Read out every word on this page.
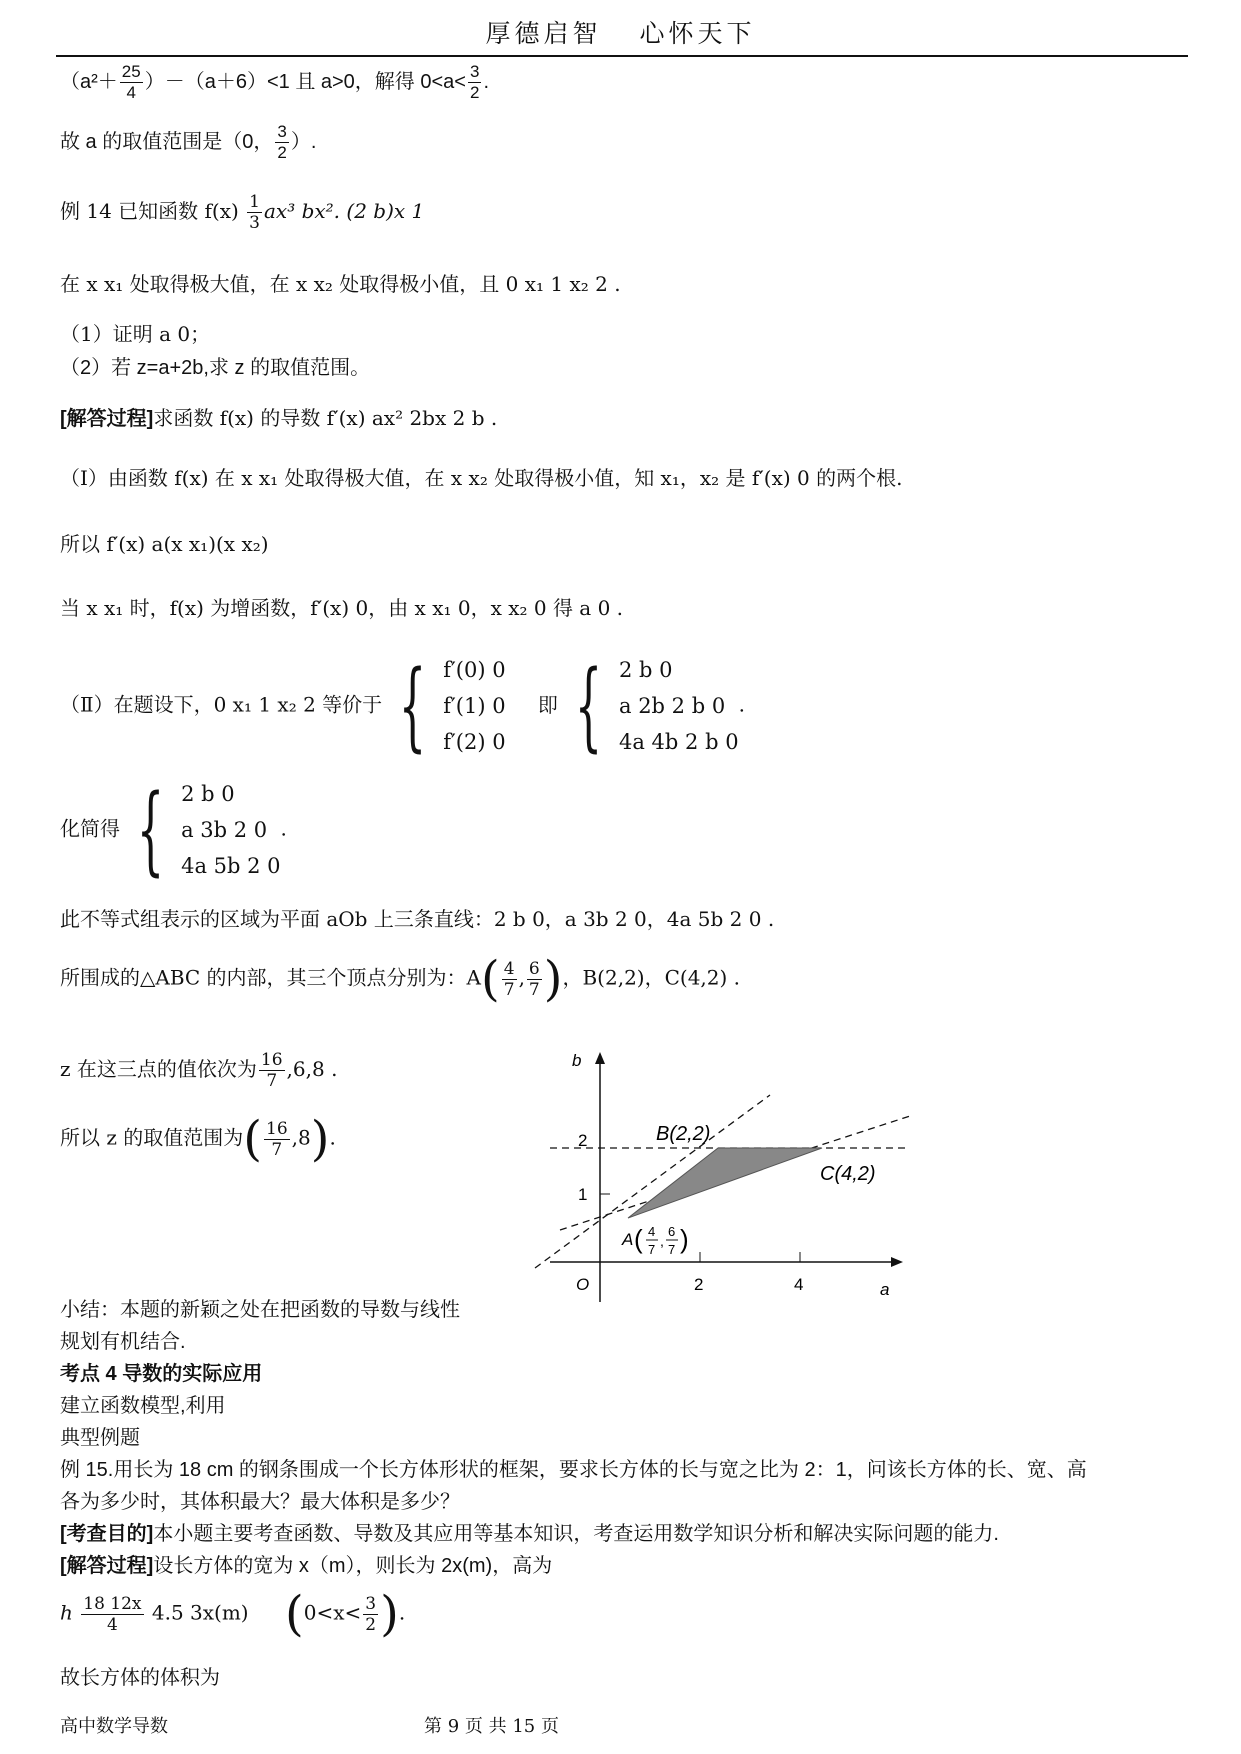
厚德启智 心怀天下
$(a^2+ \frac{25}{4} )-(a+6)<1$ 且 a>0，解得 $0<a< \frac{3}{2}$ .
故 a 的取值范围是（0， $\frac{3}{2}$ ）.
例 14 已知函数 $f(x) \frac{1}{3} ax^3$ bx². (2 b)x 1
在 x x₁ 处取得极大值，在 x x₂ 处取得极小值，且 0 x₁ 1 x₂ 2 .
（1）证明 a 0；
（2）若 z=a+2b,求 z 的取值范围。
[解答过程]求函数 f(x) 的导数 f′(x) ax² 2bx 2 b .
（Ⅰ）由函数 f(x) 在 x x₁ 处取得极大值，在 x x₂ 处取得极小值，知 x₁，x₂ 是 f′(x) 0 的两个根.
所以 f′(x) a(x x₁)(x x₂)
当 x x₁ 时，f(x) 为增函数，f′(x) 0，由 x x₁ 0，x x₂ 0 得 a 0 .
（Ⅱ）在题设下，0 x₁ 1 x₂ 2 等价于 { f′(0) 0
f′(1) 0
f′(2) 0
即 { 2 b 0
a 2b 2 b 0
4a 4b 2 b 0
.
化简得 { 2 b 0
a 3b 2 0
4a 5b 2 0
.
此不等式组表示的区域为平面 aOb 上三条直线：2 b 0，a 3b 2 0，4a 5b 2 0 .
所围成的△ABC 的内部，其三个顶点分别为：$A( \frac{4}{7}$ , $\frac{6}{7}$ )，B(2,2)，C(4,2) .
z 在这三点的值依次为 $\frac{16}{7} ,6,8$ .
所以 z 的取值范围为( $\frac{16}{7} ,8$).
b
a
O	2	4
1
2	B(2,2)
C(4,2)
A ( 4
7
,
6
7 )
小结：本题的新颖之处在把函数的导数与线性
规划有机结合.
考点 4 导数的实际应用
建立函数模型,利用
典型例题
例 15.用长为 18 cm 的钢条围成一个长方体形状的框架，要求长方体的长与宽之比为 2：1，问该长方体的长、宽、高
各为多少时，其体积最大？最大体积是多少？
[考查目的]本小题主要考查函数、导数及其应用等基本知识，考查运用数学知识分析和解决实际问题的能力.
[解答过程]设长方体的宽为 x（m），则长为 2x(m)，高为
h $\frac{18 12x}{4} 4.5$ 3x(m) ($0<x< \frac{3}{2}$ ).
故长方体的体积为
高中数学导数	第 9 页 共 15 页
